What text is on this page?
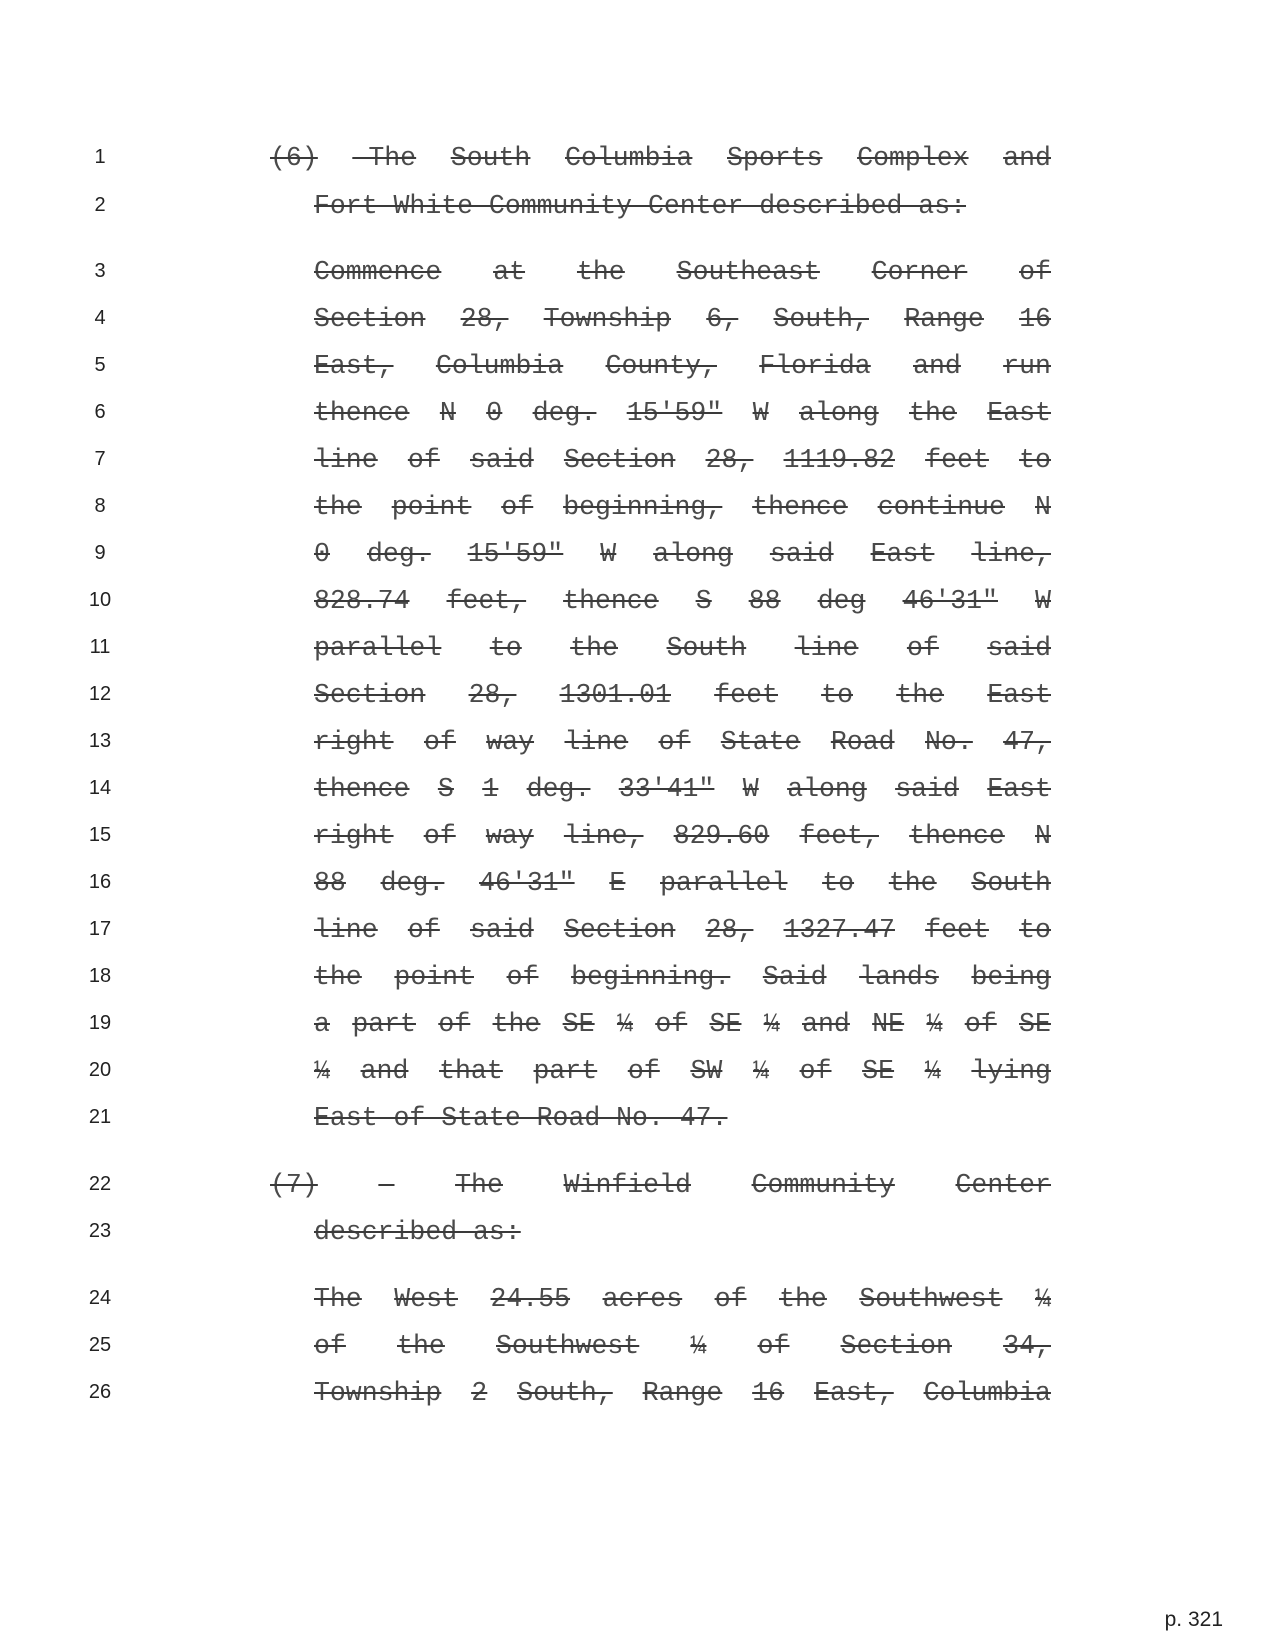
1	(6) —The South Columbia Sports Complex and
2	Fort White Community Center described as:
3	Commence at the Southeast Corner of
4	Section 28, Township 6, South, Range 16
5	East, Columbia County, Florida and run
6	thence N 0 deg. 15′59″ W along the East
7	line of said Section 28, 1119.82 feet to
8	the point of beginning, thence continue N
9	0 deg. 15′59″ W along said East line,
10	828.74 feet, thence S 88 deg 46′31″ W
11	parallel to the South line of said
12	Section 28, 1301.01 feet to the East
13	right of way line of State Road No. 47,
14	thence S 1 deg. 33′41″ W along said East
15	right of way line, 829.60 feet, thence N
16	88 deg. 46′31″ E parallel to the South
17	line of said Section 28, 1327.47 feet to
18	the point of beginning. Said lands being
19	a part of the SE ¼ of SE ¼ and NE ¼ of SE
20	¼ and that part of SW ¼ of SE ¼ lying
21	East of State Road No. 47.
22	(7) — The Winfield Community Center
23	described as:
24	The West 24.55 acres of the Southwest ¼
25	of the Southwest ¼ of Section 34,
26	Township 2 South, Range 16 East, Columbia
p. 321
